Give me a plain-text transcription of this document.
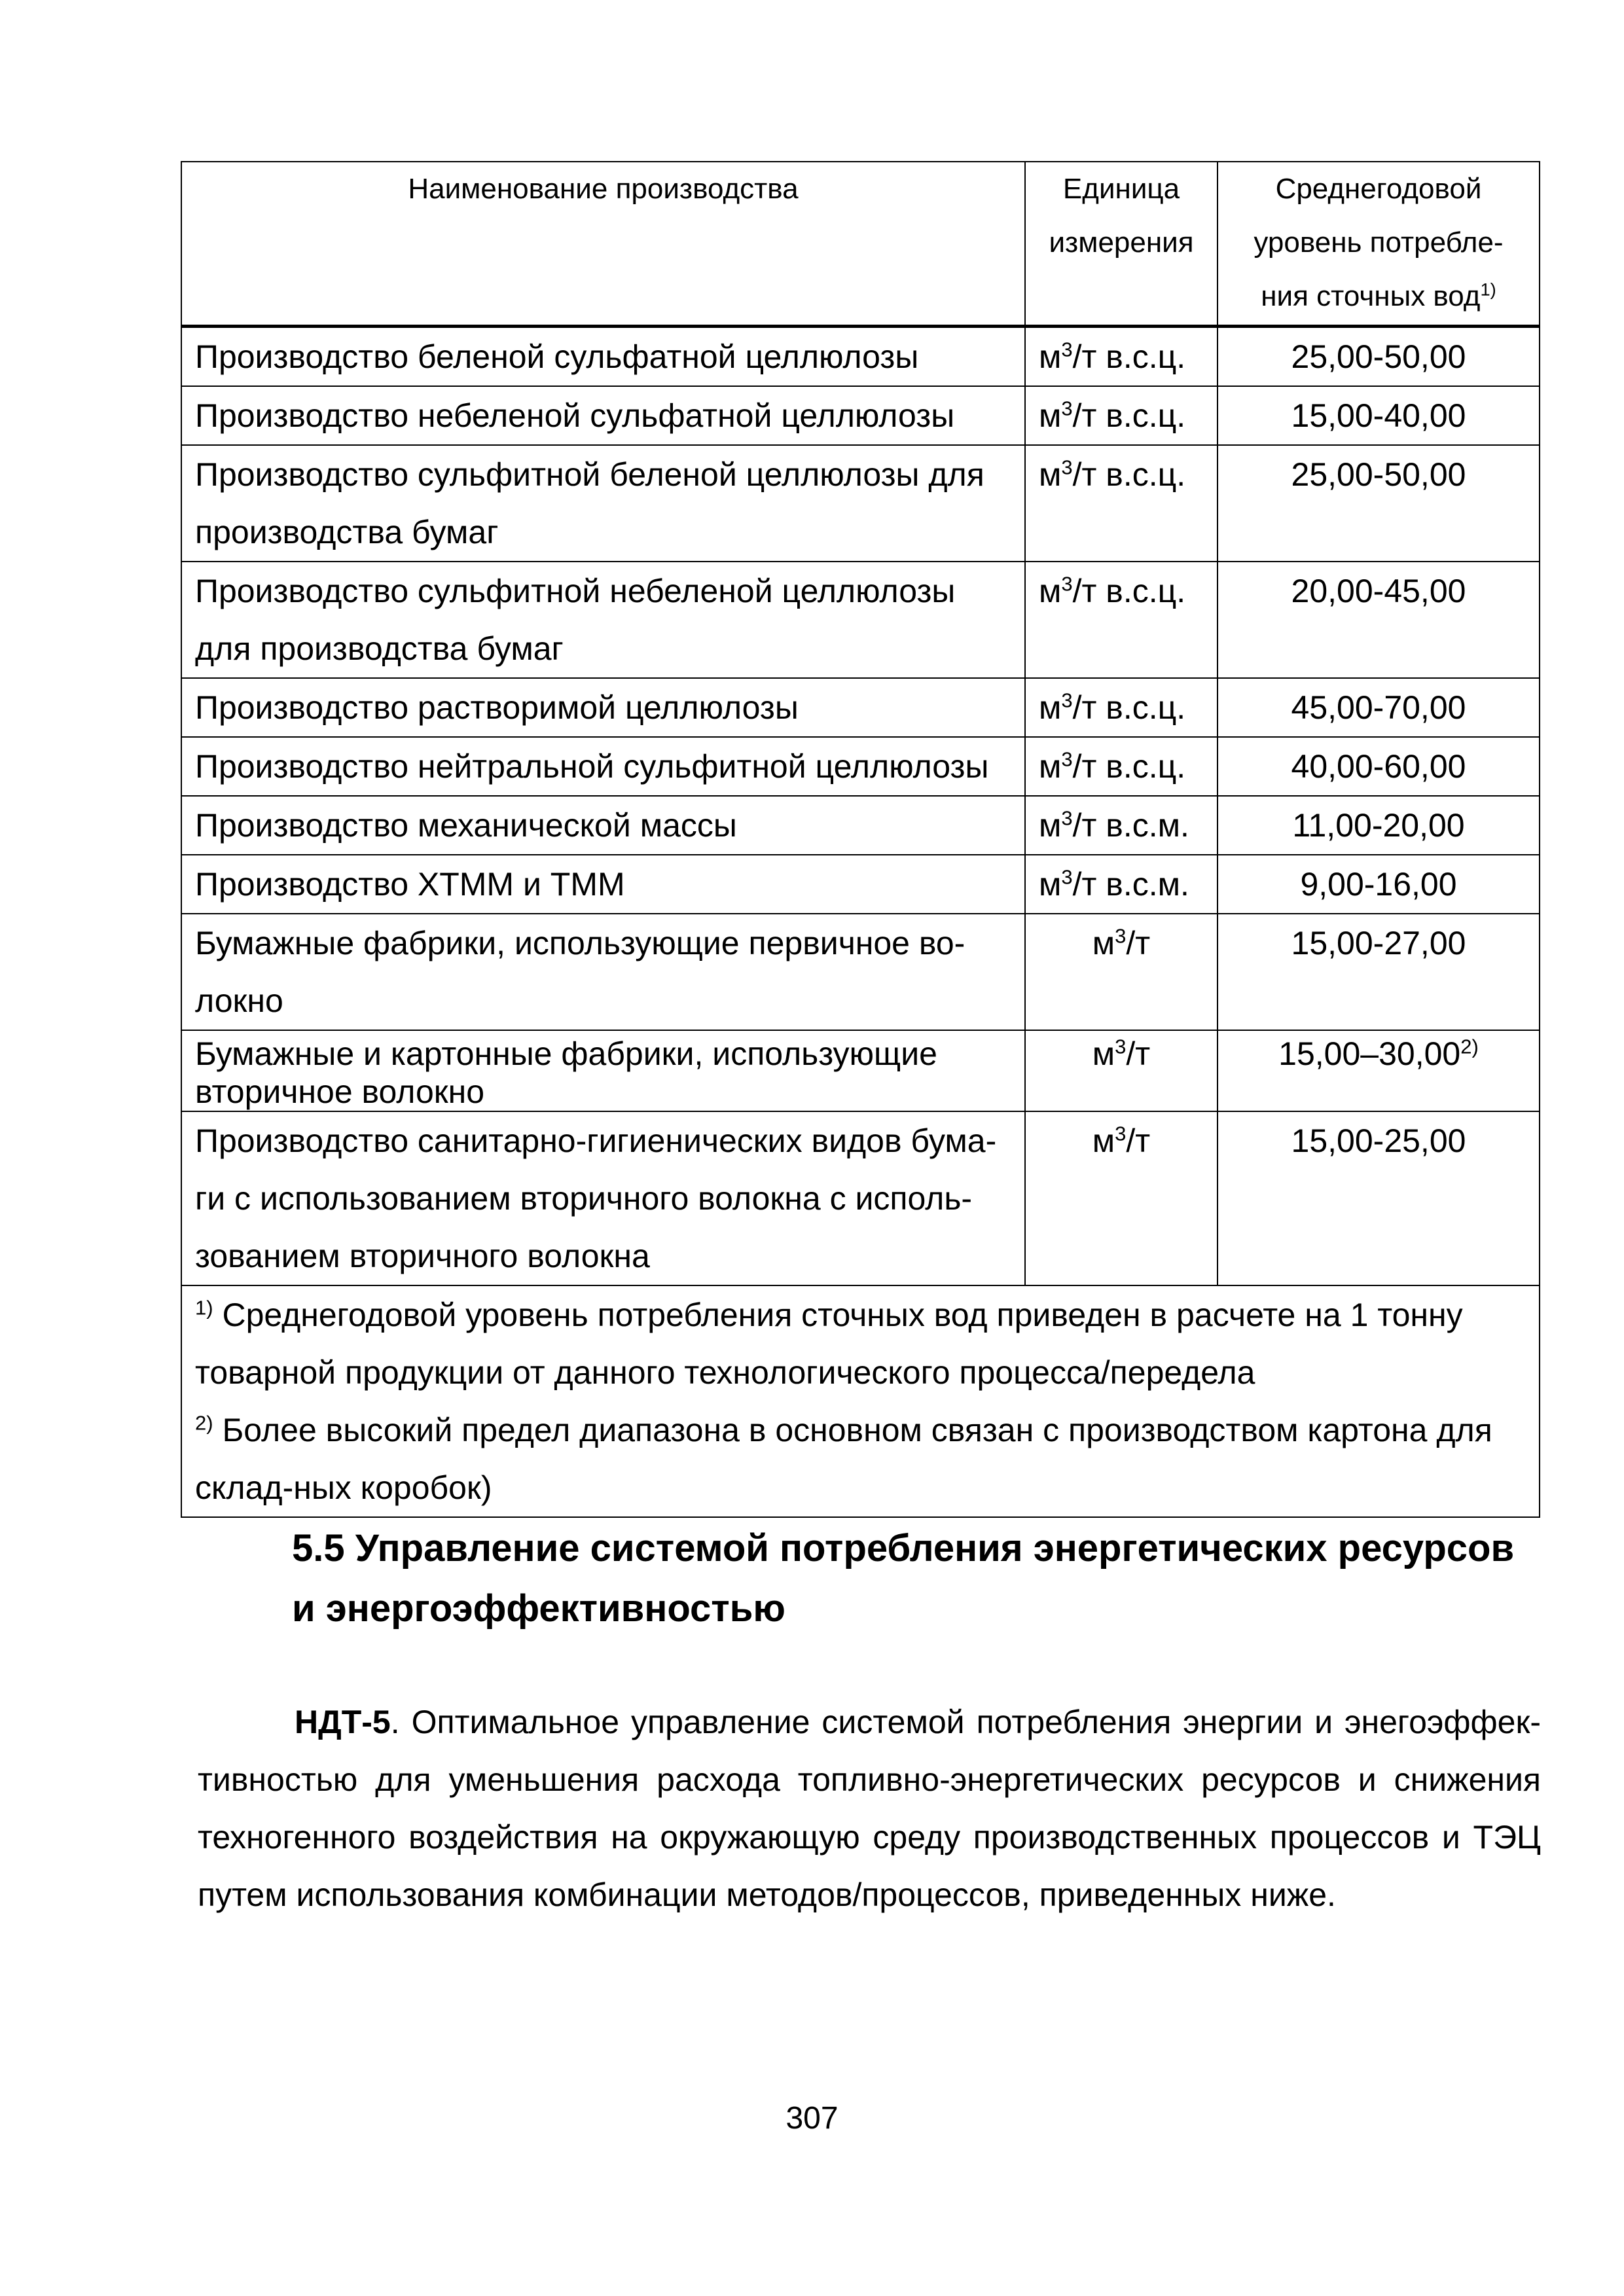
Наименование производства	Единица измерения	Среднегодовой уровень потребле-ния сточных вод$^{1)}$
Производство беленой сульфатной целлюлозы	$м^3/т$ в.с.ц.	25,00-50,00
Производство небеленой сульфатной целлюлозы	$м^3/т$ в.с.ц.	15,00-40,00
Производство сульфитной беленой целлюлозы для производства бумаг	$м^3/т$ в.с.ц.	25,00-50,00
Производство сульфитной небеленой целлюлозы для производства бумаг	$м^3/т$ в.с.ц.	20,00-45,00
Производство растворимой целлюлозы	$м^3/т$ в.с.ц.	45,00-70,00
Производство нейтральной сульфитной целлюлозы	$м^3/т$ в.с.ц.	40,00-60,00
Производство механической массы	$м^3/т$ в.с.м.	11,00-20,00
Производство ХТММ и ТММ	$м^3/т$ в.с.м.	9,00-16,00
Бумажные фабрики, использующие первичное во-локно	$м^3/т$	15,00-27,00
Бумажные и картонные фабрики, использующие вторичное волокно	$м^3/т$	15,00–30,00$^{2)}$
Производство санитарно-гигиенических видов бума-ги с использованием вторичного волокна с исполь-зованием вторичного волокна	$м^3/т$	15,00-25,00

$^{1)}$ Среднегодовой уровень потребления сточных вод приведен в расчете на 1 тонну товарной продукции от данного технологического процесса/передела
$^{2)}$ Более высокий предел диапазона в основном связан с производством картона для склад-ных коробок)		
5.5 Управление системой потребления энергетических ресурсов и энергоэффективностью

НДТ-5. Оптимальное управление системой потребления энергии и энегоэффек-тивностью для уменьшения расхода топливно-энергетических ресурсов и снижения техногенного воздействия на окружающую среду производственных процессов и ТЭЦ путем использования комбинации методов/процессов, приведенных ниже.

307
